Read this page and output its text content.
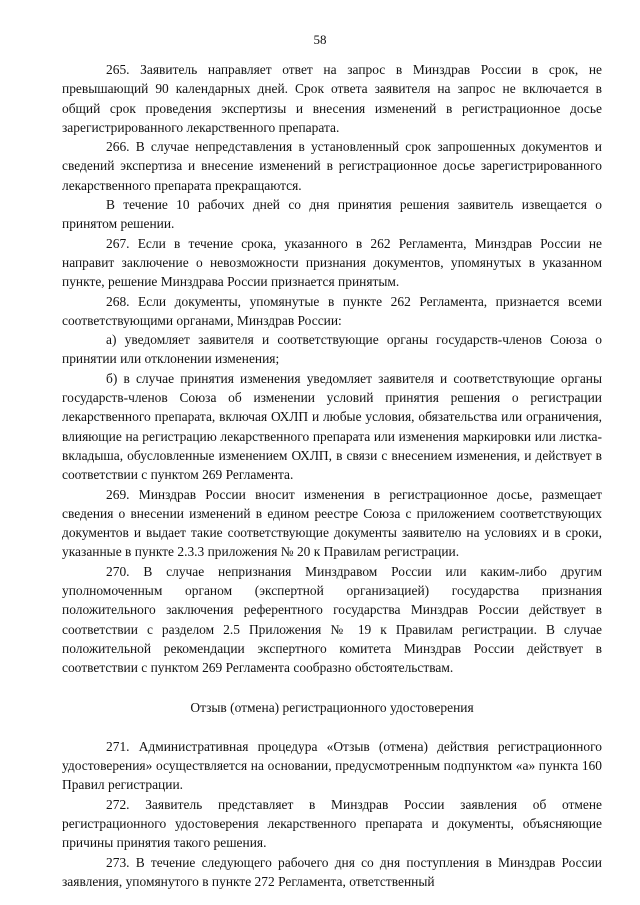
58

265. Заявитель направляет ответ на запрос в Минздрав России в срок, не превышающий 90 календарных дней. Срок ответа заявителя на запрос не включается в общий срок проведения экспертизы и внесения изменений в регистрационное досье зарегистрированного лекарственного препарата.

266. В случае непредставления в установленный срок запрошенных документов и сведений экспертиза и внесение изменений в регистрационное досье зарегистрированного лекарственного препарата прекращаются.

В течение 10 рабочих дней со дня принятия решения заявитель извещается о принятом решении.

267. Если в течение срока, указанного в 262 Регламента, Минздрав России не направит заключение о невозможности признания документов, упомянутых в указанном пункте, решение Минздрава России признается принятым.

268. Если документы, упомянутые в пункте 262 Регламента, признается всеми соответствующими органами, Минздрав России:

а) уведомляет заявителя и соответствующие органы государств-членов Союза о принятии или отклонении изменения;

б) в случае принятия изменения уведомляет заявителя и соответствующие органы государств-членов Союза об изменении условий принятия решения о регистрации лекарственного препарата, включая ОХЛП и любые условия, обязательства или ограничения, влияющие на регистрацию лекарственного препарата или изменения маркировки или листка-вкладыша, обусловленные изменением ОХЛП, в связи с внесением изменения, и действует в соответствии с пунктом 269 Регламента.

269. Минздрав России вносит изменения в регистрационное досье, размещает сведения о внесении изменений в едином реестре Союза с приложением соответствующих документов и выдает такие соответствующие документы заявителю на условиях и в сроки, указанные в пункте 2.3.3 приложения № 20 к Правилам регистрации.

270. В случае непризнания Минздравом России или каким-либо другим уполномоченным органом (экспертной организацией) государства признания положительного заключения референтного государства Минздрав России действует в соответствии с разделом 2.5 Приложения № 19 к Правилам регистрации. В случае положительной рекомендации экспертного комитета Минздрав России действует в соответствии с пунктом 269 Регламента сообразно обстоятельствам.

Отзыв (отмена) регистрационного удостоверения

271. Административная процедура «Отзыв (отмена) действия регистрационного удостоверения» осуществляется на основании, предусмотренным подпунктом «а» пункта 160 Правил регистрации.

272. Заявитель представляет в Минздрав России заявления об отмене регистрационного удостоверения лекарственного препарата и документы, объясняющие причины принятия такого решения.

273. В течение следующего рабочего дня со дня поступления в Минздрав России заявления, упомянутого в пункте 272 Регламента, ответственный
